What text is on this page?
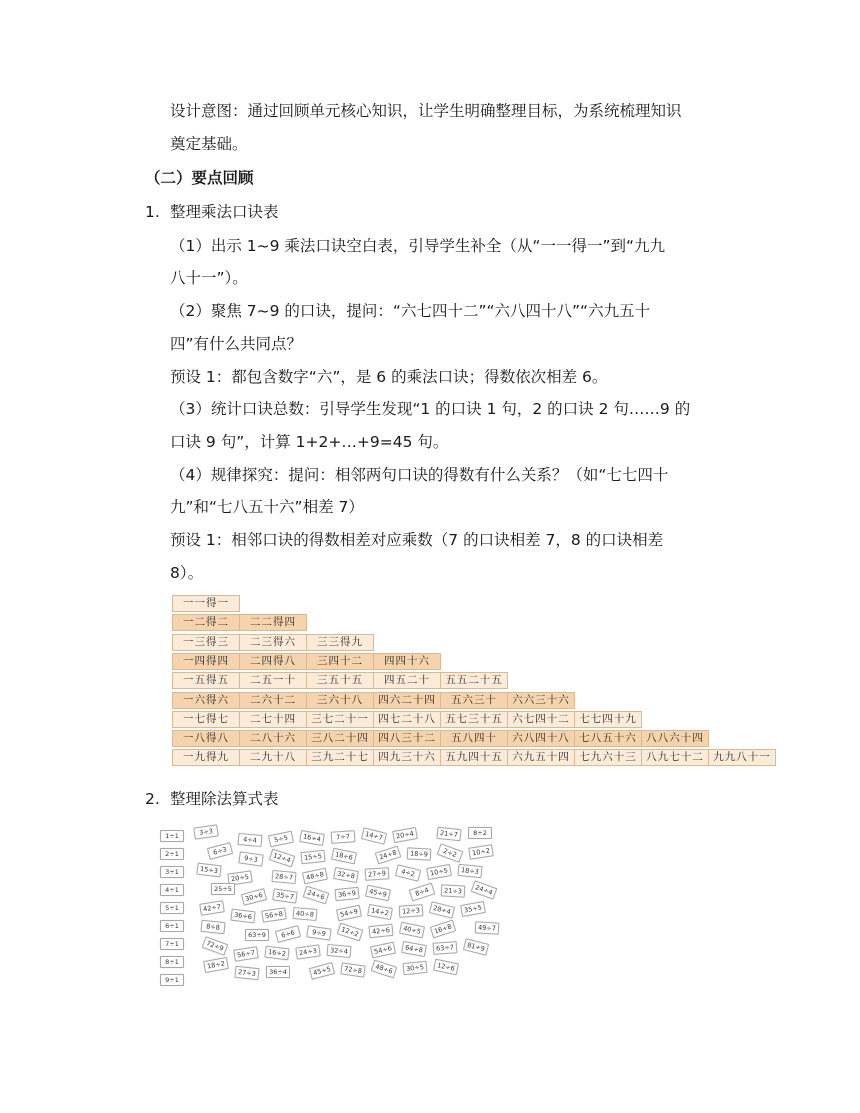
设计意图：通过回顾单元核心知识，让学生明确整理目标，为系统梳理知识
奠定基础。
（二）要点回顾
1. 整理乘法口诀表
（1）出示 1~9 乘法口诀空白表，引导学生补全（从“一一得一”到“九九
八十一”）。
（2）聚焦 7~9 的口诀，提问：“六七四十二”“六八四十八”“六九五十
四”有什么共同点？
预设 1：都包含数字“六”，是 6 的乘法口诀；得数依次相差 6。
（3）统计口诀总数：引导学生发现“1 的口诀 1 句，2 的口诀 2 句……9 的
口诀 9 句”，计算 1+2+…+9=45 句。
（4）规律探究：提问：相邻两句口诀的得数有什么关系？（如“七七四十
九”和“七八五十六”相差 7）
预设 1：相邻口诀的得数相差对应乘数（7 的口诀相差 7，8 的口诀相差
8）。
一一得一
一二得二	二二得四
一三得三	二三得六	三三得九
一四得四	二四得八	三四十二	四四十六
一五得五	二五一十	三五十五	四五二十	五五二十五
一六得六	二六十二	三六十八	四六二十四	五六三十	六六三十六
一七得七	二七十四	三七二十一 四七二十八 五七三十五 六七四十二 七七四十九
一八得八	二八十六	三八二十四 四八三十二	五八四十	六八四十八 七八五十六 八八六十四
一九得九	二九十八	三九二十七 四九三十六 五九四十五 六九五十四 七九六十三 八九七十二 九九八十一
2. 整理除法算式表
1÷1
2÷1
3÷1
4÷1
5÷1
6÷1
7÷1
8÷1
9÷1
3÷3
4÷4	5÷5	16÷4	7÷7	14÷7	20÷4	21÷7	8÷2
6÷3
9÷3	12÷4	15÷5	18÷6	24÷8	18÷9	2÷2	10÷2
15÷3
20÷5	28÷7	48÷8	32÷8	27÷9	4÷2	10÷5	18÷3
25÷5
30÷6	35÷7	24÷6	36÷9	45÷9	8÷4	21÷3	24÷4
42÷7
36÷6	56÷8	40÷8	54÷9	14÷2	12÷3	28÷4	35÷5
8÷8
63÷9	6÷6	9÷9	12÷2	42÷6	40÷5	16÷8	49÷7
72÷9
56÷7	16÷2	24÷3	32÷4	54÷6	64÷8	63÷7	81÷9
18÷2
27÷3	36÷4	45÷5	72÷8	48÷6	30÷5	12÷6
